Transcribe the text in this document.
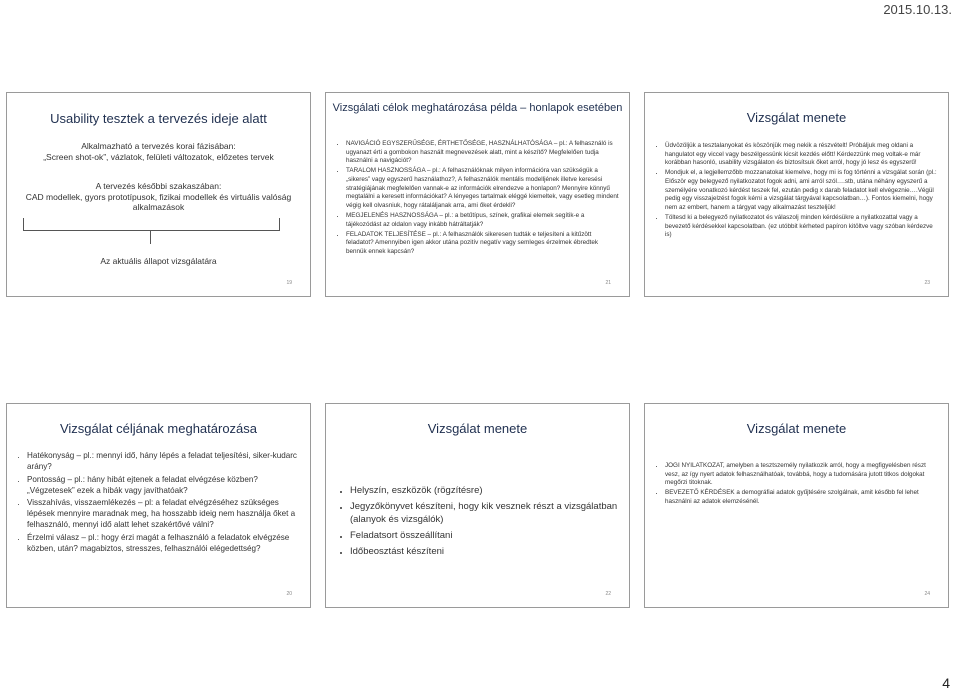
2015.10.13.
Usability tesztek a tervezés ideje alatt
Alkalmazható a tervezés korai fázisában:
„Screen shot-ok”, vázlatok, felületi változatok, előzetes tervek
A tervezés későbbi szakaszában:
CAD modellek, gyors prototípusok, fizikai modellek és virtuális valóság alkalmazások
Az aktuális állapot vizsgálatára
19
Vizsgálati célok meghatározása példa – honlapok esetében
• NAVIGÁCIÓ EGYSZERŰSÉGE, ÉRTHETŐSÉGE, HASZNÁLHATÓSÁGA – pl.: A felhasználó is ugyanazt érti a gombokon használt megnevezések alatt, mint a készítő? Megfelelően tudja használni a navigációt?
• TARALOM HASZNOSSÁGA – pl.: A felhasználóknak milyen információra van szükségük a „sikeres” vagy egyszerű használathoz?, A felhasználók mentális modelljének illetve keresési stratégiájának megfelelően vannak-e az információk elrendezve a honlapon? Mennyire könnyű megtalálni a keresett információkat? A lényeges tartalmak eléggé kiemeltek, vagy esetleg mindent végig kell olvasniuk, hogy rátaláljanak arra, ami őket érdekli?
• MEGJELENÉS HASZNOSSÁGA – pl.: a betűtípus, színek, grafikai elemek segítik-e a tájékozódást az oldalon vagy inkább hátráltatják?
• FELADATOK TELJESÍTÉSE – pl.: A felhasználók sikeresen tudták e teljesíteni a kitűzött feladatot? Amennyiben igen akkor utána pozitív negatív vagy semleges érzelmek ébredtek bennük ennek kapcsán?
21
Vizsgálat menete
• Üdvözöljük a tesztalanyokat és köszönjük meg nekik a részvételt! Próbáljuk meg oldani a hangulatot egy viccel vagy beszélgessünk kicsit kezdés előtt! Kérdezzünk meg voltak-e már korábban hasonló, usability vizsgálaton és biztosítsuk őket arról, hogy jó lesz és egyszerű!
• Mondjuk el, a legjellemzőbb mozzanatokat kiemelve, hogy mi is fog történni a vizsgálat során (pl.: Először egy belegyező nyilatkozatot fogok adni, ami arról szól….stb, utána néhány egyszerű a személyére vonatkozó kérdést teszek fel, ezután pedig x darab feladatot kell elvégeznie….Végül pedig egy visszajelzést fogok kérni a vizsgálat tárgyával kapcsolatban…). Fontos kiemelni, hogy nem az embert, hanem a tárgyat vagy alkalmazást teszteljük!
• Töltesd ki a belegyező nyilatkozatot és válaszolj minden kérdésükre a nyilatkozattal vagy a bevezető kérdésekkel kapcsolatban. (ez utóbbit kérheted papíron kitöltve vagy szóban kérdezve is)
23
Vizsgálat céljának meghatározása
• Hatékonyság – pl.: mennyi idő, hány lépés a feladat teljesítési, siker-kudarc arány?
• Pontosság – pl.: hány hibát ejtenek a feladat elvégzése közben? „Végzetesek” ezek a hibák vagy javíthatóak?
• Visszahívás, visszaemlékezés – pl: a feladat elvégzéséhez szükséges lépések mennyire maradnak meg, ha hosszabb ideig nem használja őket a felhasználó, mennyi idő alatt lehet szakértővé válni?
• Érzelmi válasz – pl.: hogy érzi magát a felhasználó a feladatok elvégzése közben, után? magabiztos, stresszes, felhasználói elégedettség?
20
Vizsgálat menete
• Helyszín, eszközök (rögzítésre)
• Jegyzőkönyvet készíteni, hogy kik vesznek részt a vizsgálatban (alanyok és vizsgálók)
• Feladatsort összeállítani
• Időbeosztást készíteni
22
Vizsgálat menete
• JOGI NYILATKOZAT, amelyben a tesztszemély nyilatkozik arról, hogy a megfigyelésben részt vesz, az így nyert adatok felhasználhatóak, továbbá, hogy a tudomására jutott titkos dolgokat megőrzi titoknak.
• BEVEZETŐ KÉRDÉSEK a demográfiai adatok gyűjtésére szolgálnak, amit később fel lehet használni az adatok elemzésénél.
24
4
